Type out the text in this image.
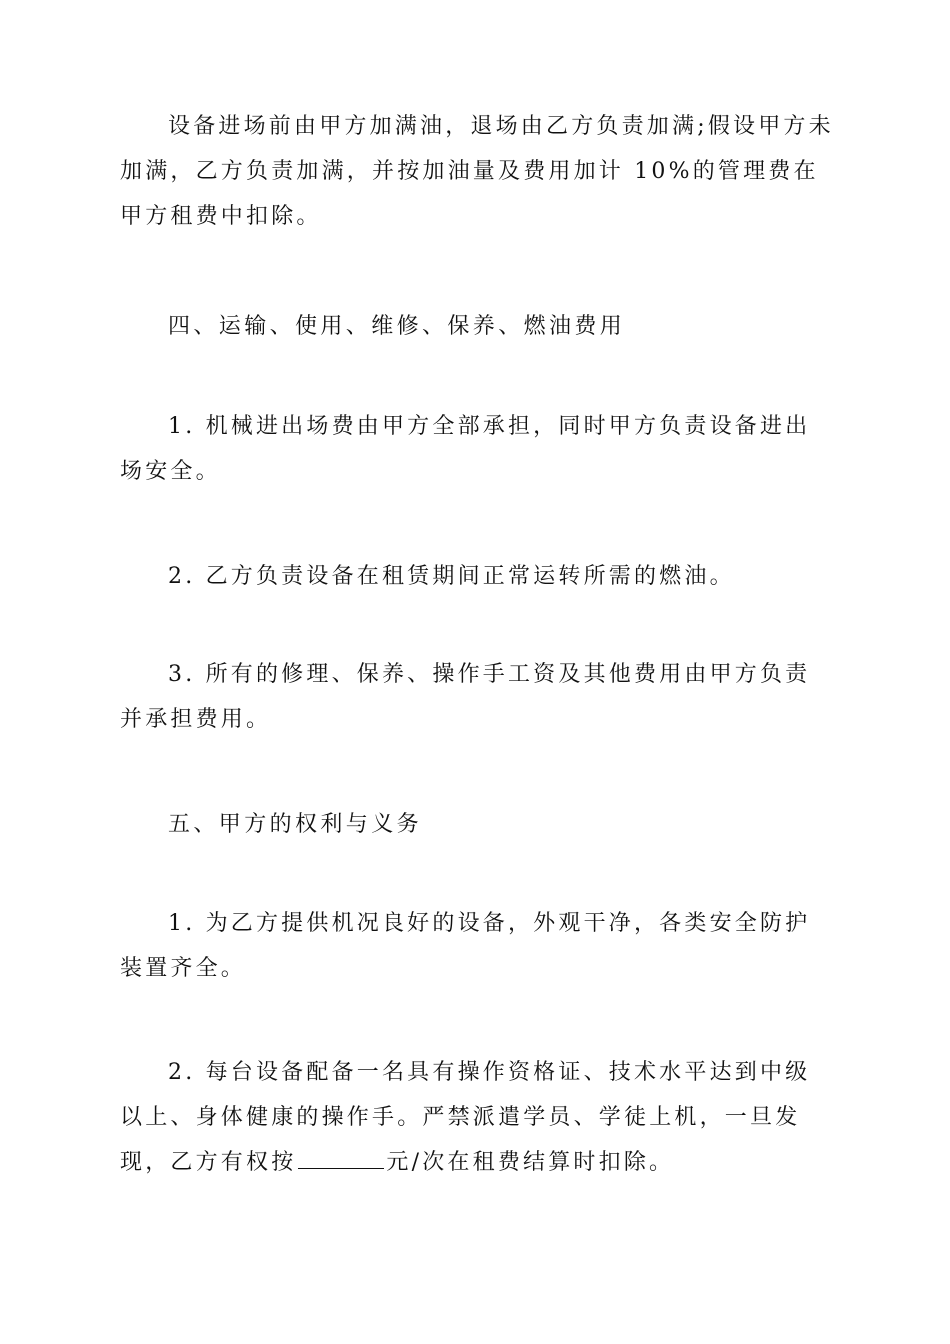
设备进场前由甲方加满油，退场由乙方负责加满;假设甲方未加满，乙方负责加满，并按加油量及费用加计 10%的管理费在甲方租费中扣除。

四、运输、使用、维修、保养、燃油费用

1. 机械进出场费由甲方全部承担，同时甲方负责设备进出场安全。

2. 乙方负责设备在租赁期间正常运转所需的燃油。

3. 所有的修理、保养、操作手工资及其他费用由甲方负责并承担费用。

五、甲方的权利与义务

1. 为乙方提供机况良好的设备，外观干净，各类安全防护装置齐全。

2. 每台设备配备一名具有操作资格证、技术水平达到中级以上、身体健康的操作手。严禁派遣学员、学徒上机，一旦发现，乙方有权按	元/次在租费结算时扣除。
